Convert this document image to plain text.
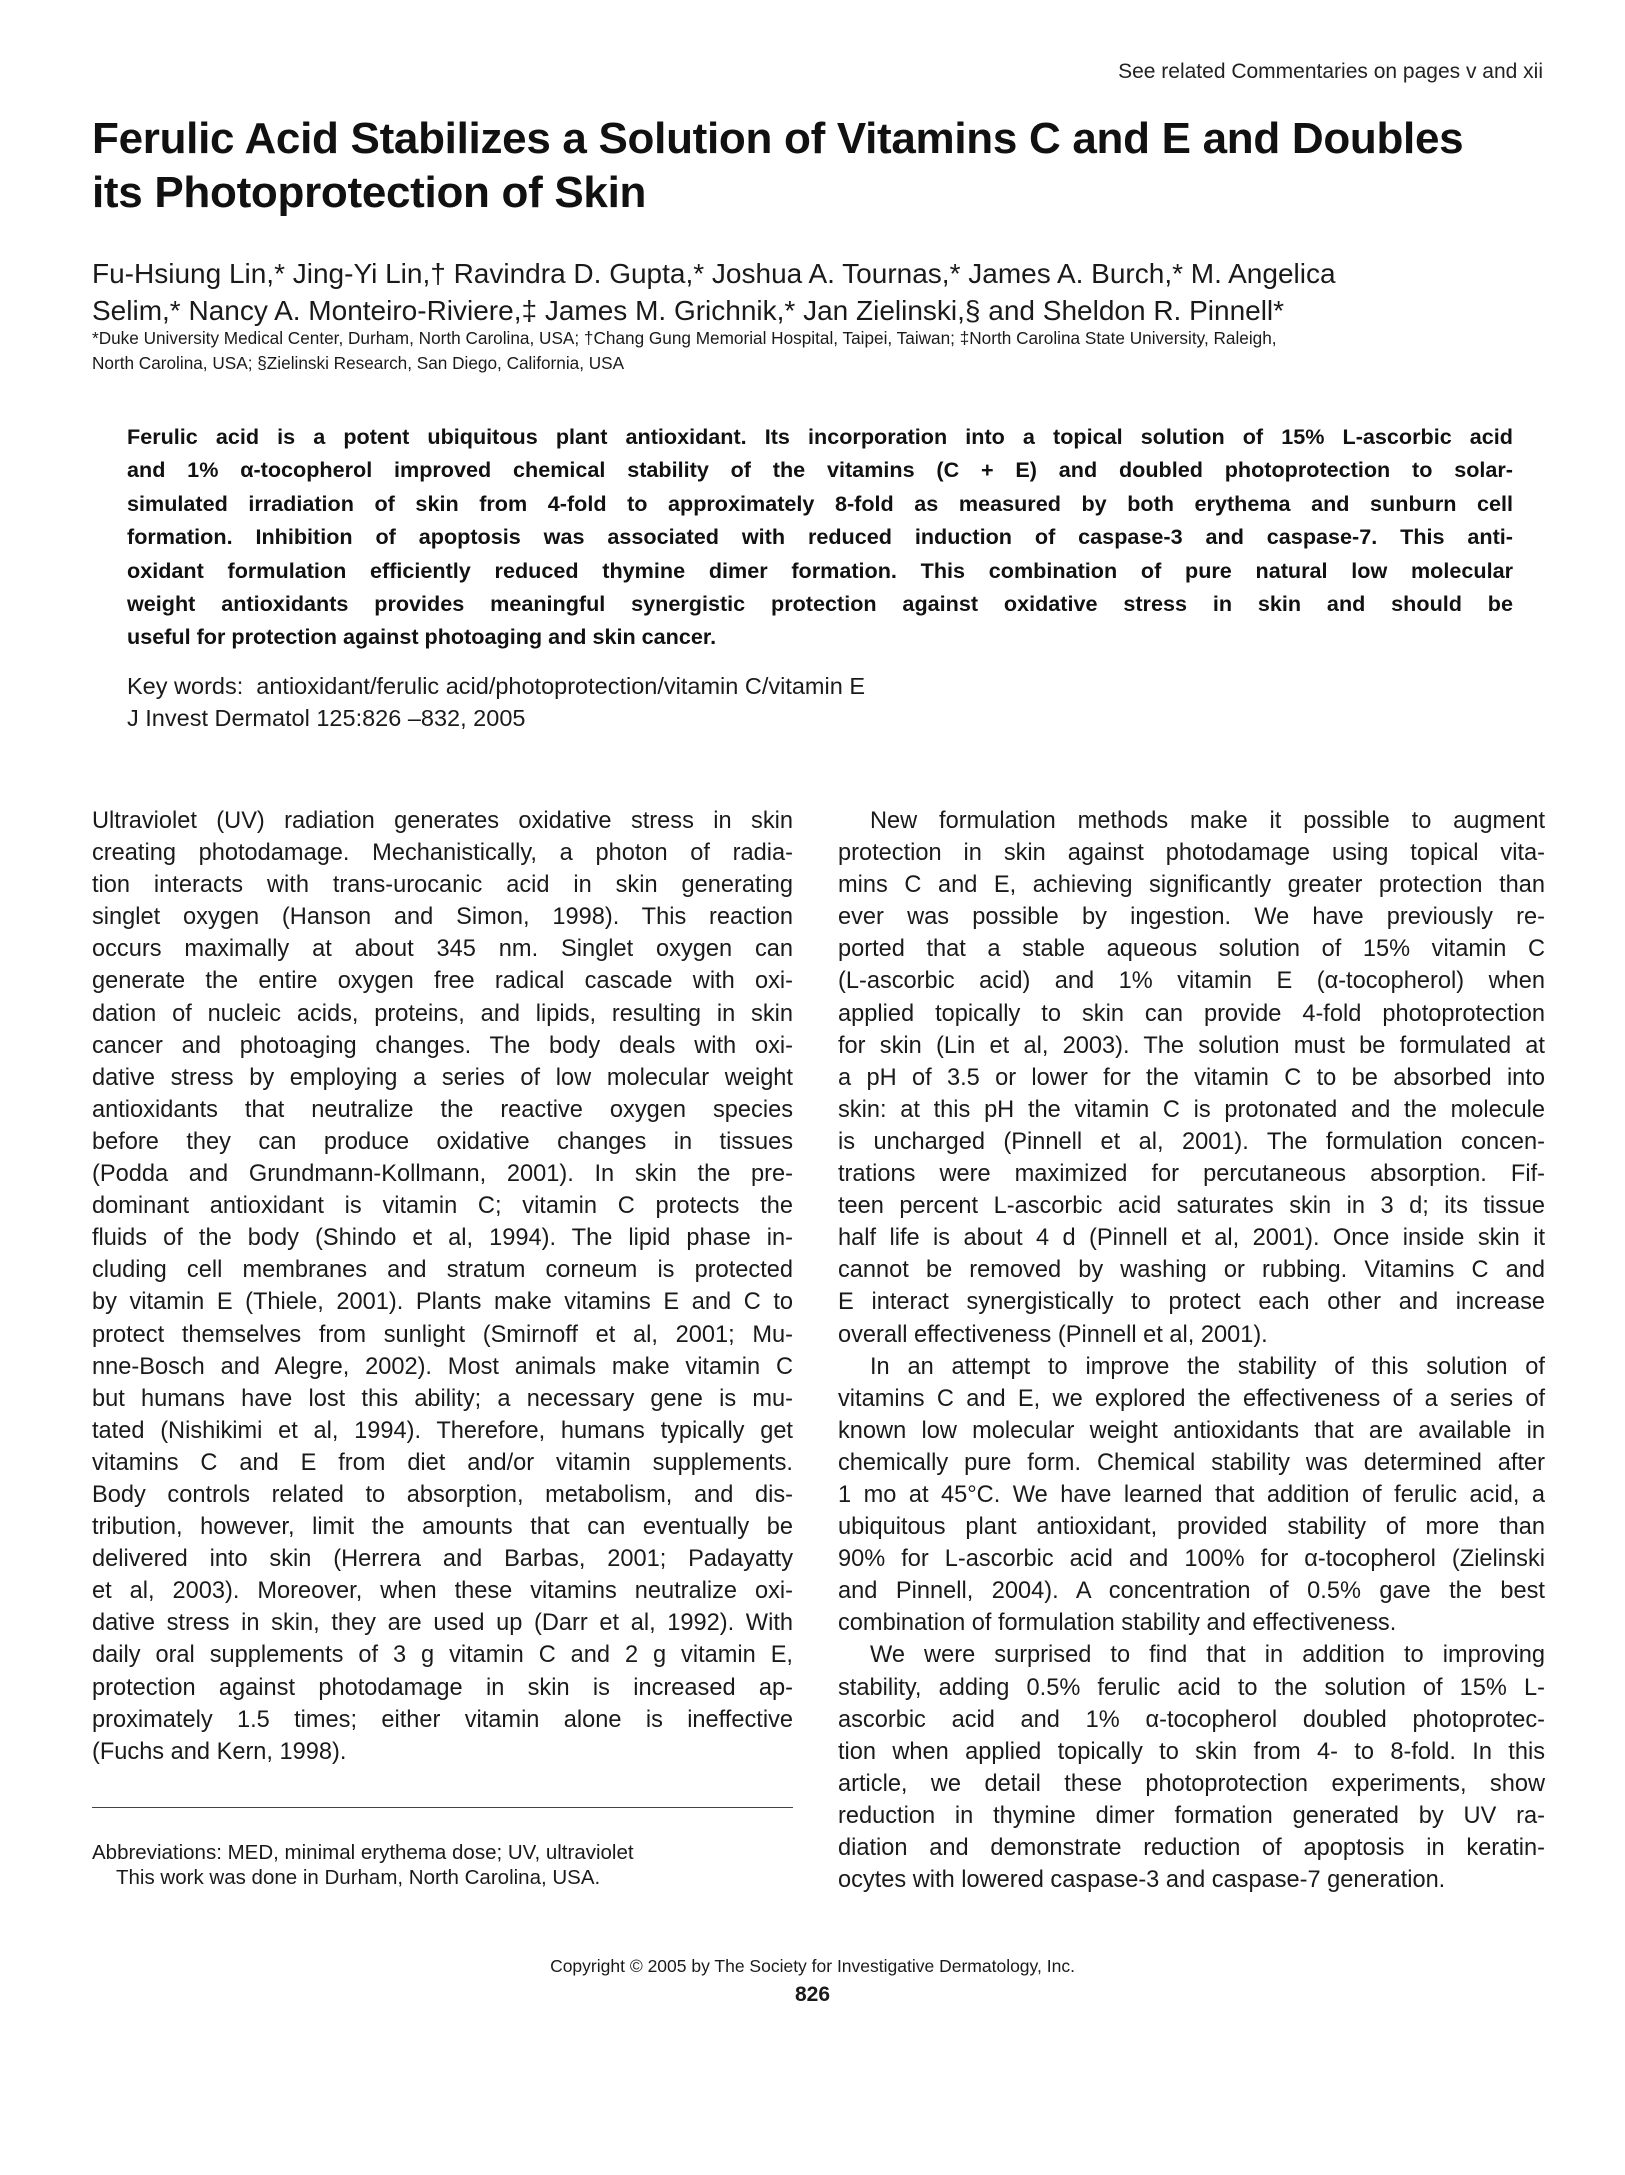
See related Commentaries on pages v and xii
Ferulic Acid Stabilizes a Solution of Vitamins C and E and Doubles
its Photoprotection of Skin
Fu-Hsiung Lin,* Jing-Yi Lin,† Ravindra D. Gupta,* Joshua A. Tournas,* James A. Burch,* M. Angelica
Selim,* Nancy A. Monteiro-Riviere,‡ James M. Grichnik,* Jan Zielinski,§ and Sheldon R. Pinnell*
*Duke University Medical Center, Durham, North Carolina, USA; †Chang Gung Memorial Hospital, Taipei, Taiwan; ‡North Carolina State University, Raleigh,
North Carolina, USA; §Zielinski Research, San Diego, California, USA
Ferulic acid is a potent ubiquitous plant antioxidant. Its incorporation into a topical solution of 15% L-ascorbic acid
and 1% α-tocopherol improved chemical stability of the vitamins (C + E) and doubled photoprotection to solar-
simulated irradiation of skin from 4-fold to approximately 8-fold as measured by both erythema and sunburn cell
formation. Inhibition of apoptosis was associated with reduced induction of caspase-3 and caspase-7. This anti-
oxidant formulation efficiently reduced thymine dimer formation. This combination of pure natural low molecular
weight antioxidants provides meaningful synergistic protection against oxidative stress in skin and should be
useful for protection against photoaging and skin cancer.
Key words:  antioxidant/ferulic acid/photoprotection/vitamin C/vitamin E
J Invest Dermatol 125:826 –832, 2005
Ultraviolet (UV) radiation generates oxidative stress in skin
creating photodamage. Mechanistically, a photon of radia-
tion interacts with trans-urocanic acid in skin generating
singlet oxygen (Hanson and Simon, 1998). This reaction
occurs maximally at about 345 nm. Singlet oxygen can
generate the entire oxygen free radical cascade with oxi-
dation of nucleic acids, proteins, and lipids, resulting in skin
cancer and photoaging changes. The body deals with oxi-
dative stress by employing a series of low molecular weight
antioxidants that neutralize the reactive oxygen species
before they can produce oxidative changes in tissues
(Podda and Grundmann-Kollmann, 2001). In skin the pre-
dominant antioxidant is vitamin C; vitamin C protects the
fluids of the body (Shindo et al, 1994). The lipid phase in-
cluding cell membranes and stratum corneum is protected
by vitamin E (Thiele, 2001). Plants make vitamins E and C to
protect themselves from sunlight (Smirnoff et al, 2001; Mu-
nne-Bosch and Alegre, 2002). Most animals make vitamin C
but humans have lost this ability; a necessary gene is mu-
tated (Nishikimi et al, 1994). Therefore, humans typically get
vitamins C and E from diet and/or vitamin supplements.
Body controls related to absorption, metabolism, and dis-
tribution, however, limit the amounts that can eventually be
delivered into skin (Herrera and Barbas, 2001; Padayatty
et al, 2003). Moreover, when these vitamins neutralize oxi-
dative stress in skin, they are used up (Darr et al, 1992). With
daily oral supplements of 3 g vitamin C and 2 g vitamin E,
protection against photodamage in skin is increased ap-
proximately 1.5 times; either vitamin alone is ineffective
(Fuchs and Kern, 1998).
New formulation methods make it possible to augment
protection in skin against photodamage using topical vita-
mins C and E, achieving significantly greater protection than
ever was possible by ingestion. We have previously re-
ported that a stable aqueous solution of 15% vitamin C
(L-ascorbic acid) and 1% vitamin E (α-tocopherol) when
applied topically to skin can provide 4-fold photoprotection
for skin (Lin et al, 2003). The solution must be formulated at
a pH of 3.5 or lower for the vitamin C to be absorbed into
skin: at this pH the vitamin C is protonated and the molecule
is uncharged (Pinnell et al, 2001). The formulation concen-
trations were maximized for percutaneous absorption. Fif-
teen percent L-ascorbic acid saturates skin in 3 d; its tissue
half life is about 4 d (Pinnell et al, 2001). Once inside skin it
cannot be removed by washing or rubbing. Vitamins C and
E interact synergistically to protect each other and increase
overall effectiveness (Pinnell et al, 2001).
In an attempt to improve the stability of this solution of
vitamins C and E, we explored the effectiveness of a series of
known low molecular weight antioxidants that are available in
chemically pure form. Chemical stability was determined after
1 mo at 45°C. We have learned that addition of ferulic acid, a
ubiquitous plant antioxidant, provided stability of more than
90% for L-ascorbic acid and 100% for α-tocopherol (Zielinski
and Pinnell, 2004). A concentration of 0.5% gave the best
combination of formulation stability and effectiveness.
We were surprised to find that in addition to improving
stability, adding 0.5% ferulic acid to the solution of 15% L-
ascorbic acid and 1% α-tocopherol doubled photoprotec-
tion when applied topically to skin from 4- to 8-fold. In this
article, we detail these photoprotection experiments, show
reduction in thymine dimer formation generated by UV ra-
diation and demonstrate reduction of apoptosis in keratin-
ocytes with lowered caspase-3 and caspase-7 generation.
Abbreviations: MED, minimal erythema dose; UV, ultraviolet
This work was done in Durham, North Carolina, USA.
Copyright © 2005 by The Society for Investigative Dermatology, Inc.
826
